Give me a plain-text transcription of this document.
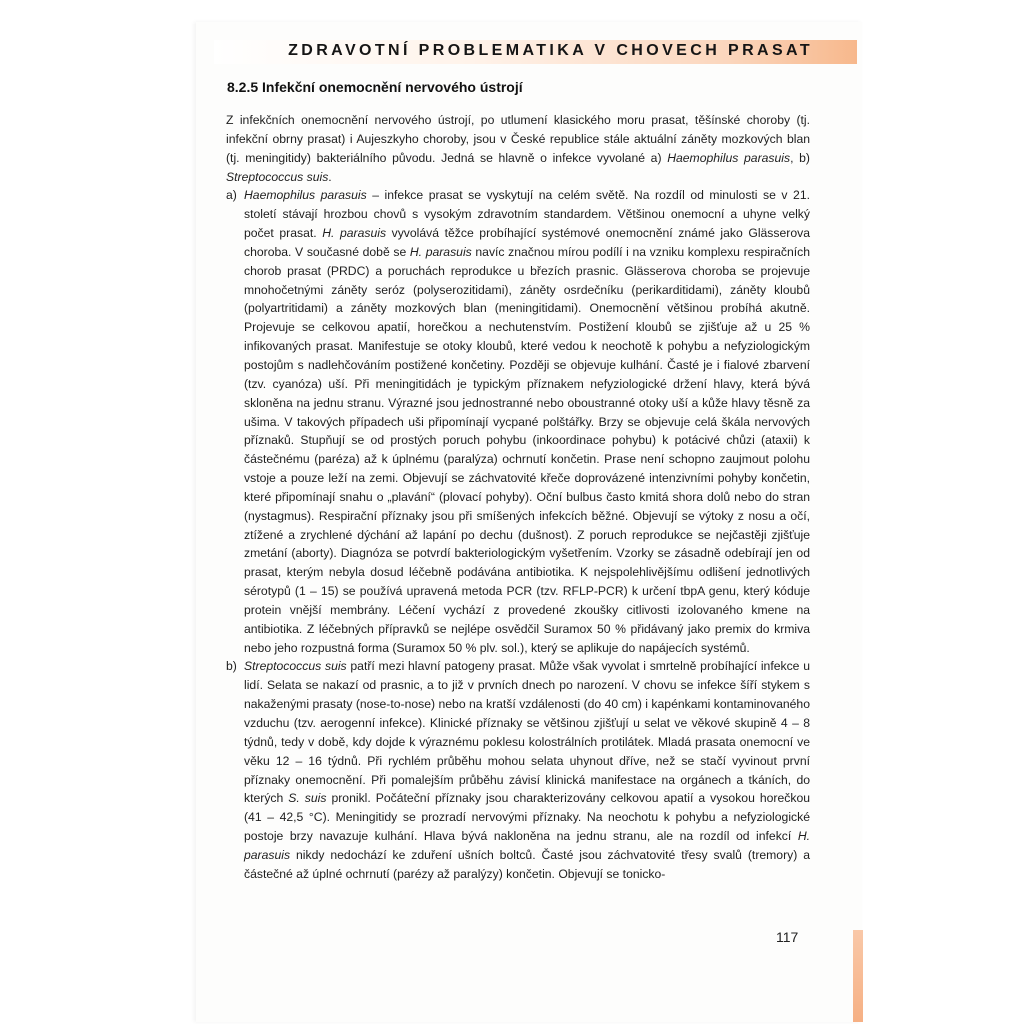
ZDRAVOTNÍ PROBLEMATIKA V CHOVECH PRASAT
8.2.5 Infekční onemocnění nervového ústrojí

Z infekčních onemocnění nervového ústrojí, po utlumení klasického moru prasat, těšínské choroby (tj. infekční obrny prasat) i Aujeszkyho choroby, jsou v České republice stále aktuální záněty mozkových blan (tj. meningitidy) bakteriálního původu. Jedná se hlavně o infekce vyvolané a) Haemophilus parasuis, b) Streptococcus suis.

a) Haemophilus parasuis – infekce prasat se vyskytují na celém světě. Na rozdíl od minulosti se v 21. století stávají hrozbou chovů s vysokým zdravotním standardem. Většinou onemocní a uhyne velký počet prasat. H. parasuis vyvolává těžce probíhající systémové onemocnění známé jako Glässerova choroba. V současné době se H. parasuis navíc značnou mírou podílí i na vzniku komplexu respiračních chorob prasat (PRDC) a poruchách reprodukce u březích prasnic. Glässerova choroba se projevuje mnohočetnými záněty seróz (polyserozitidami), záněty osrdečníku (perikarditidami), záněty kloubů (polyartritidami) a záněty mozkových blan (meningitidami). Onemocnění většinou probíhá akutně. Projevuje se celkovou apatií, horečkou a nechutenstvím. Postižení kloubů se zjišťuje až u 25 % infikovaných prasat. Manifestuje se otoky kloubů, které vedou k neochotě k pohybu a nefyziologickým postojům s nadlehčováním postižené končetiny. Později se objevuje kulhání. Časté je i fialové zbarvení (tzv. cyanóza) uší. Při meningitidách je typickým příznakem nefyziologické držení hlavy, která bývá skloněna na jednu stranu. Výrazné jsou jednostranné nebo oboustranné otoky uší a kůže hlavy těsně za ušima. V takových případech uši připomínají vycpané polštářky. Brzy se objevuje celá škála nervových příznaků. Stupňují se od prostých poruch pohybu (inkoordinace pohybu) k potácivé chůzi (ataxii) k částečnému (paréza) až k úplnému (paralýza) ochrnutí končetin. Prase není schopno zaujmout polohu vstoje a pouze leží na zemi. Objevují se záchvatovité křeče doprovázené intenzivními pohyby končetin, které připomínají snahu o „plavání“ (plovací pohyby). Oční bulbus často kmitá shora dolů nebo do stran (nystagmus). Respirační příznaky jsou při smíšených infekcích běžné. Objevují se výtoky z nosu a očí, ztížené a zrychlené dýchání až lapání po dechu (dušnost). Z poruch reprodukce se nejčastěji zjišťuje zmetání (aborty). Diagnóza se potvrdí bakteriologickým vyšetřením. Vzorky se zásadně odebírají jen od prasat, kterým nebyla dosud léčebně podávána antibiotika. K nejspolehlivějšímu odlišení jednotlivých sérotypů (1 – 15) se používá upravená metoda PCR (tzv. RFLP-PCR) k určení tbpA genu, který kóduje protein vnější membrány. Léčení vychází z provedené zkoušky citlivosti izolovaného kmene na antibiotika. Z léčebných přípravků se nejlépe osvědčil Suramox 50 % přidávaný jako premix do krmiva nebo jeho rozpustná forma (Suramox 50 % plv. sol.), který se aplikuje do napájecích systémů.
b) Streptococcus suis patří mezi hlavní patogeny prasat. Může však vyvolat i smrtelně probíhající infekce u lidí. Selata se nakazí od prasnic, a to již v prvních dnech po narození. V chovu se infekce šíří stykem s nakaženými prasaty (nose-to-nose) nebo na kratší vzdálenosti (do 40 cm) i kapénkami kontaminovaného vzduchu (tzv. aerogenní infekce). Klinické příznaky se většinou zjišťují u selat ve věkové skupině 4 – 8 týdnů, tedy v době, kdy dojde k výraznému poklesu kolostrálních protilátek. Mladá prasata onemocní ve věku 12 – 16 týdnů. Při rychlém průběhu mohou selata uhynout dříve, než se stačí vyvinout první příznaky onemocnění. Při pomalejším průběhu závisí klinická manifestace na orgánech a tkáních, do kterých S. suis pronikl. Počáteční příznaky jsou charakterizovány celkovou apatií a vysokou horečkou (41 – 42,5 °C). Meningitidy se prozradí nervovými příznaky. Na neochotu k pohybu a nefyziologické postoje brzy navazuje kulhání. Hlava bývá nakloněna na jednu stranu, ale na rozdíl od infekcí H. parasuis nikdy nedochází ke zduření ušních boltců. Časté jsou záchvatovité třesy svalů (tremory) a částečné až úplné ochrnutí (parézy až paralýzy) končetin. Objevují se tonicko-

117
